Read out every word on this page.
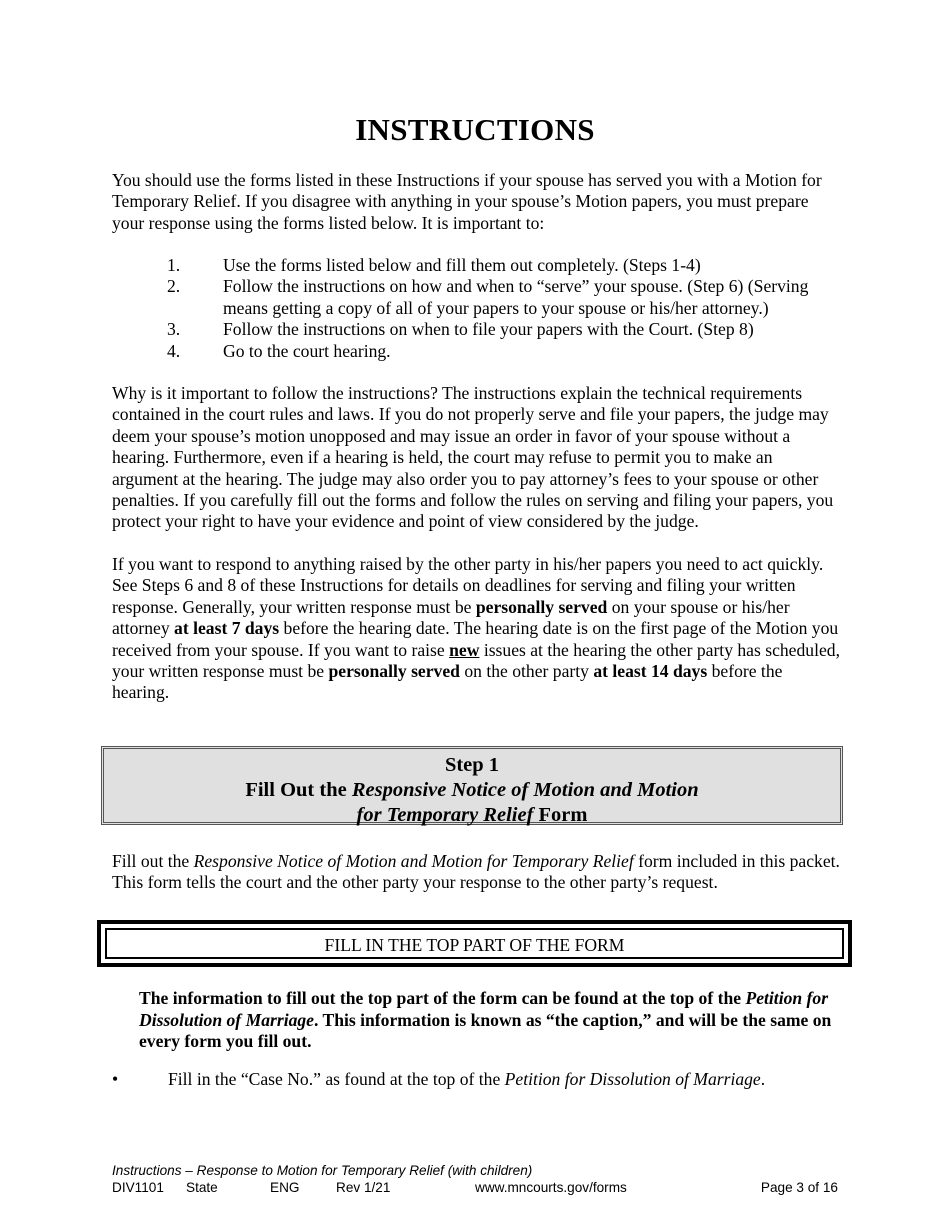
INSTRUCTIONS
You should use the forms listed in these Instructions if your spouse has served you with a Motion for Temporary Relief. If you disagree with anything in your spouse’s Motion papers, you must prepare your response using the forms listed below. It is important to:
1. Use the forms listed below and fill them out completely. (Steps 1-4)
2. Follow the instructions on how and when to “serve” your spouse. (Step 6) (Serving means getting a copy of all of your papers to your spouse or his/her attorney.)
3. Follow the instructions on when to file your papers with the Court. (Step 8)
4. Go to the court hearing.
Why is it important to follow the instructions? The instructions explain the technical requirements contained in the court rules and laws. If you do not properly serve and file your papers, the judge may deem your spouse’s motion unopposed and may issue an order in favor of your spouse without a hearing. Furthermore, even if a hearing is held, the court may refuse to permit you to make an argument at the hearing. The judge may also order you to pay attorney’s fees to your spouse or other penalties. If you carefully fill out the forms and follow the rules on serving and filing your papers, you protect your right to have your evidence and point of view considered by the judge.
If you want to respond to anything raised by the other party in his/her papers you need to act quickly. See Steps 6 and 8 of these Instructions for details on deadlines for serving and filing your written response. Generally, your written response must be personally served on your spouse or his/her attorney at least 7 days before the hearing date. The hearing date is on the first page of the Motion you received from your spouse. If you want to raise new issues at the hearing the other party has scheduled, your written response must be personally served on the other party at least 14 days before the hearing.
Step 1
Fill Out the Responsive Notice of Motion and Motion
for Temporary Relief Form
Fill out the Responsive Notice of Motion and Motion for Temporary Relief form included in this packet. This form tells the court and the other party your response to the other party’s request.
FILL IN THE TOP PART OF THE FORM
The information to fill out the top part of the form can be found at the top of the Petition for Dissolution of Marriage. This information is known as “the caption,” and will be the same on every form you fill out.
•	Fill in the “Case No.” as found at the top of the Petition for Dissolution of Marriage.
Instructions – Response to Motion for Temporary Relief (with children)
DIV1101 State	ENG	Rev 1/21	www.mncourts.gov/forms	Page 3 of 16
